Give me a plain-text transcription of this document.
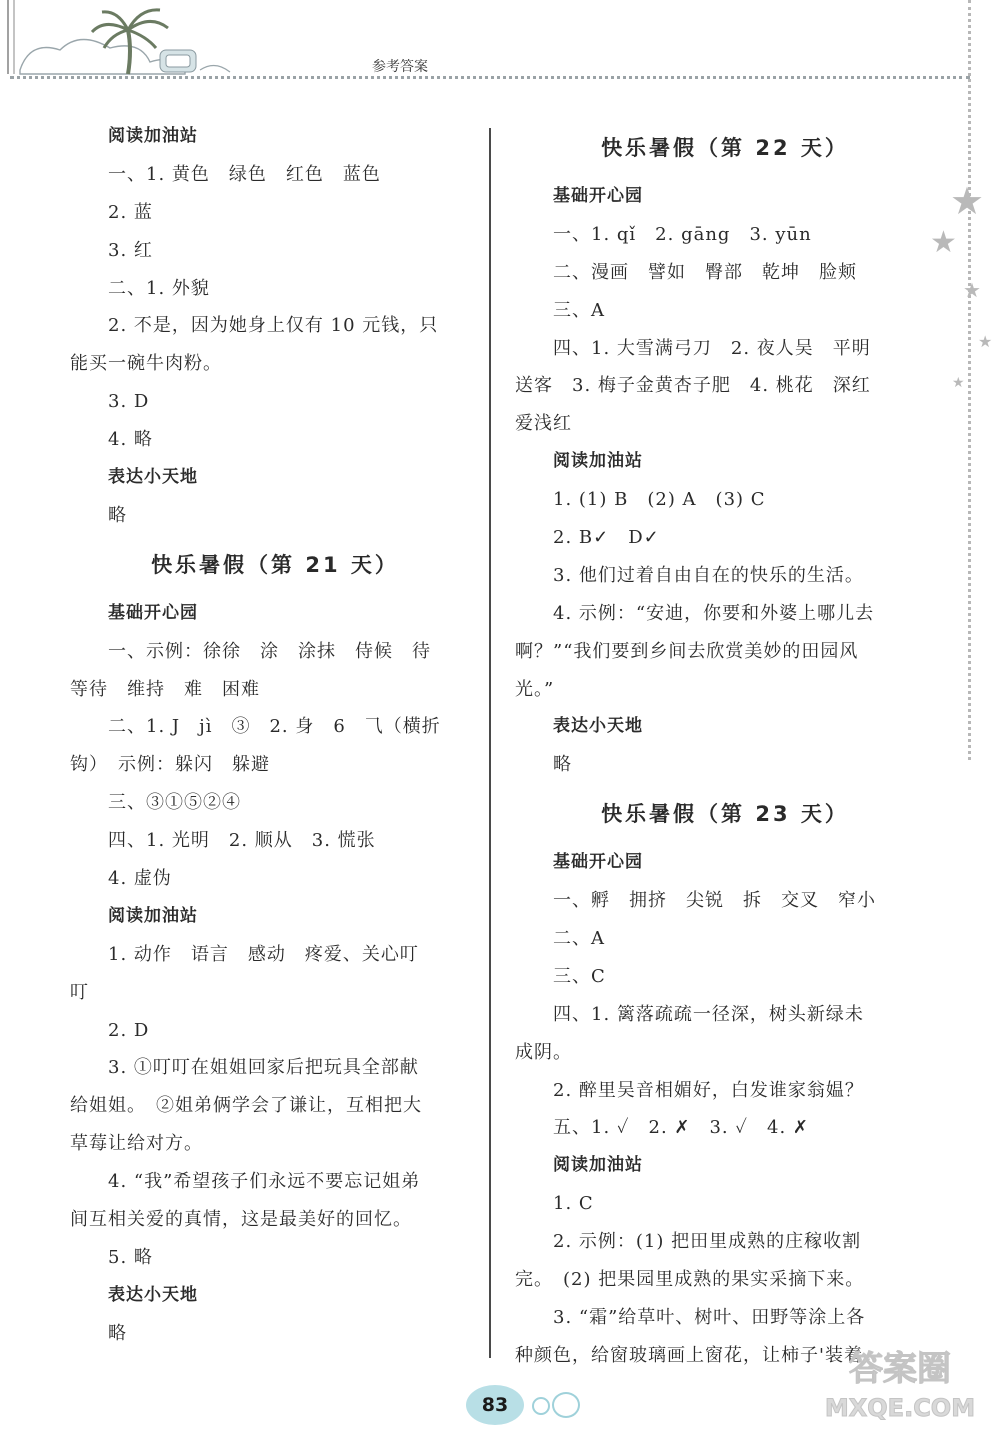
参考答案
★
★
★
★
★
阅读加油站
一、1. 黄色　绿色　红色　蓝色
2. 蓝
3. 红
二、1. 外貌
2. 不是，因为她身上仅有 10 元钱，只
能买一碗牛肉粉。
3. D
4. 略
表达小天地
略
快乐暑假（第 21 天）
基础开心园
一、示例：徐徐　涂　涂抹　侍候　待
等待　维持　难　困难
二、1. J　jì　③　2. 身　6　⺄（横折
钩）　示例：躲闪　躲避
三、③①⑤②④
四、1. 光明　2. 顺从　3. 慌张
4. 虚伪
阅读加油站
1. 动作　语言　感动　疼爱、关心叮
叮
2. D
3. ①叮叮在姐姐回家后把玩具全部献
给姐姐。　②姐弟俩学会了谦让，互相把大
草莓让给对方。
4. “我”希望孩子们永远不要忘记姐弟
间互相关爱的真情，这是最美好的回忆。
5. 略
表达小天地
略
快乐暑假（第 22 天）
基础开心园
一、1. qǐ　2. gāng　3. yūn
二、漫画　譬如　臀部　乾坤　脸颊
三、A
四、1. 大雪满弓刀　2. 夜人吴　平明
送客　3. 梅子金黄杏子肥　4. 桃花　深红
爱浅红
阅读加油站
1. (1) B　(2) A　(3) C
2. B✓　D✓
3. 他们过着自由自在的快乐的生活。
4. 示例：“安迪，你要和外婆上哪儿去
啊？”“我们要到乡间去欣赏美妙的田园风
光。”
表达小天地
略
快乐暑假（第 23 天）
基础开心园
一、孵　拥挤　尖锐　拆　交叉　窄小
二、A
三、C
四、1. 篱落疏疏一径深，树头新绿未
成阴。
2. 醉里吴音相媚好，白发谁家翁媪？
五、1. ✓　2. ✗　3. ✓　4. ✗
阅读加油站
1. C
2. 示例：(1) 把田里成熟的庄稼收割
完。　(2) 把果园里成熟的果实采摘下来。
3. “霜”给草叶、树叶、田野等涂上各
种颜色，给窗玻璃画上窗花，让柿子'装着
83
答案圈
MXQE.COM
